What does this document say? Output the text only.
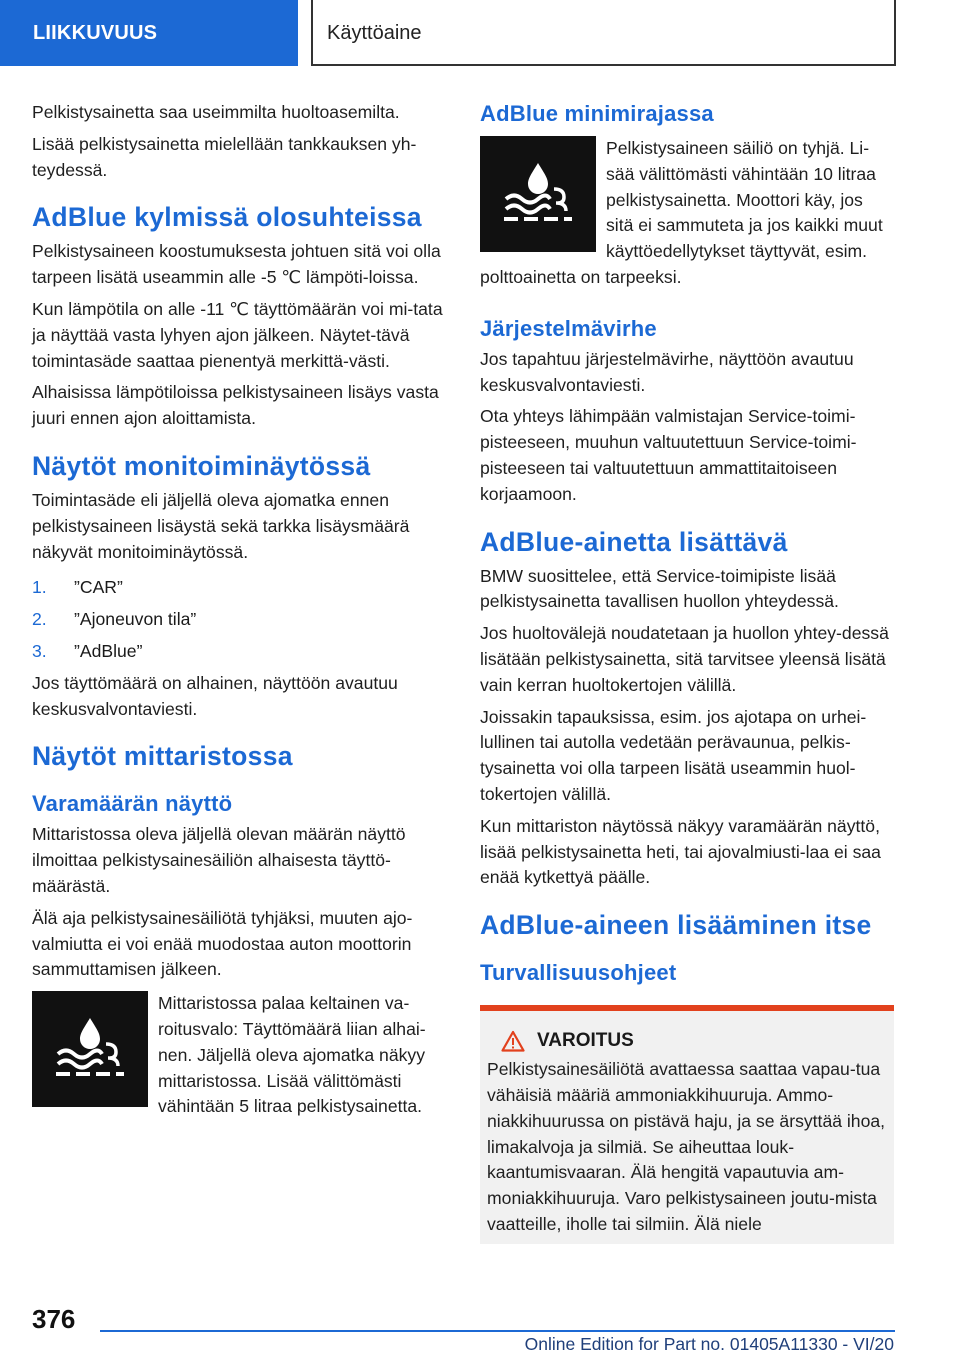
LIIKKUVUUS	Käyttöaine

Pelkistysainetta saa useimmilta huoltoasemilta.

Lisää pelkistysainetta mielellään tankkauksen yh-teydessä.

AdBlue kylmissä olosuhteissa

Pelkistysaineen koostumuksesta johtuen sitä voi olla tarpeen lisätä useammin alle -5 ℃ lämpöti-loissa.

Kun lämpötila on alle -11 ℃ täyttömäärän voi mi-tata ja näyttää vasta lyhyen ajon jälkeen. Näytet-tävä toimintasäde saattaa pienentyä merkittä-västi.

Alhaisissa lämpötiloissa pelkistysaineen lisäys vasta juuri ennen ajon aloittamista.

Näytöt monitoiminäytössä

Toimintasäde eli jäljellä oleva ajomatka ennen pelkistysaineen lisäystä sekä tarkka lisäysmäärä näkyvät monitoiminäytössä.

1.	”CAR”
2.	”Ajoneuvon tila”
3.	”AdBlue”

Jos täyttömäärä on alhainen, näyttöön avautuu keskusvalvontaviesti.

Näytöt mittaristossa
Varamäärän näyttö

Mittaristossa oleva jäljellä olevan määrän näyttö ilmoittaa pelkistysainesäiliön alhaisesta täyttö-määrästä.

Älä aja pelkistysainesäiliötä tyhjäksi, muuten ajo-valmiutta ei voi enää muodostaa auton moottorin sammuttamisen jälkeen.

Mittaristossa palaa keltainen va-roitusvalo: Täyttömäärä liian alhai-nen. Jäljellä oleva ajomatka näkyy mittaristossa. Lisää välittömästi vähintään 5 litraa pelkistysainetta.

AdBlue minimirajassa

Pelkistysaineen säiliö on tyhjä. Li-sää välittömästi vähintään 10 litraa pelkistysainetta. Moottori käy, jos sitä ei sammuteta ja jos kaikki muut käyttöedellytykset täyttyvät, esim. polttoainetta on tarpeeksi.

Järjestelmävirhe

Jos tapahtuu järjestelmävirhe, näyttöön avautuu keskusvalvontaviesti.

Ota yhteys lähimpään valmistajan Service-toimi-pisteeseen, muuhun valtuutettuun Service-toimi-pisteeseen tai valtuutettuun ammattitaitoiseen korjaamoon.

AdBlue-ainetta lisättävä

BMW suosittelee, että Service-toimipiste lisää pelkistysainetta tavallisen huollon yhteydessä.

Jos huoltovälejä noudatetaan ja huollon yhtey-dessä lisätään pelkistysainetta, sitä tarvitsee yleensä lisätä vain kerran huoltokertojen välillä.

Joissakin tapauksissa, esim. jos ajotapa on urhei-lullinen tai autolla vedetään perävaunua, pelkis-tysainetta voi olla tarpeen lisätä useammin huol-tokertojen välillä.

Kun mittariston näytössä näkyy varamäärän näyttö, lisää pelkistysainetta heti, tai ajovalmiusti-laa ei saa enää kytkettyä päälle.

AdBlue-aineen lisääminen itse
Turvallisuusohjeet
VAROITUS

Pelkistysainesäiliötä avattaessa saattaa vapau-tua vähäisiä määriä ammoniakkihuuruja. Ammo-niakkihuurussa on pistävä haju, ja se ärsyttää ihoa, limakalvoja ja silmiä. Se aiheuttaa louk-kaantumisvaaran. Älä hengitä vapautuvia am-moniakkihuuruja. Varo pelkistysaineen joutu-mista vaatteille, iholle tai silmiin. Älä niele

376
Online Edition for Part no. 01405A11330 - VI/20
